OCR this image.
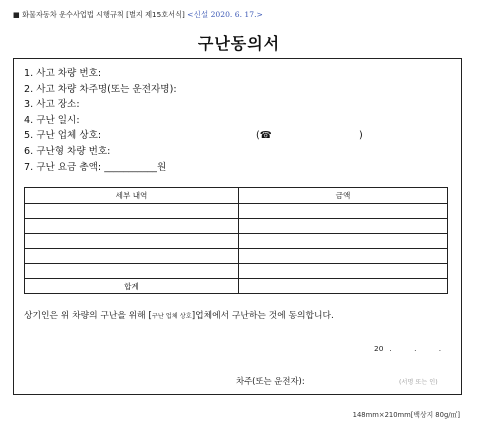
■ 화물자동차 운수사업법 시행규칙 [별지 제15호서식] <신설 2020. 6. 17.>
구난동의서
1. 사고 차량 번호:
2. 사고 차량 차주명(또는 운전자명):
3. 사고 장소:
4. 구난 일시:
5. 구난 업체 상호:	(☎	)
6. 구난형 차량 번호:
7. 구난 요금 총액: ___________원
세부 내역	금액

합계	
상기인은 위 차량의 구난을 위해 [구난 업체 상호]업체에서 구난하는 것에 동의합니다.
20 . . .
차주(또는 운전자):	(서명 또는 인)
148mm×210mm[백상지 80g/㎡]
